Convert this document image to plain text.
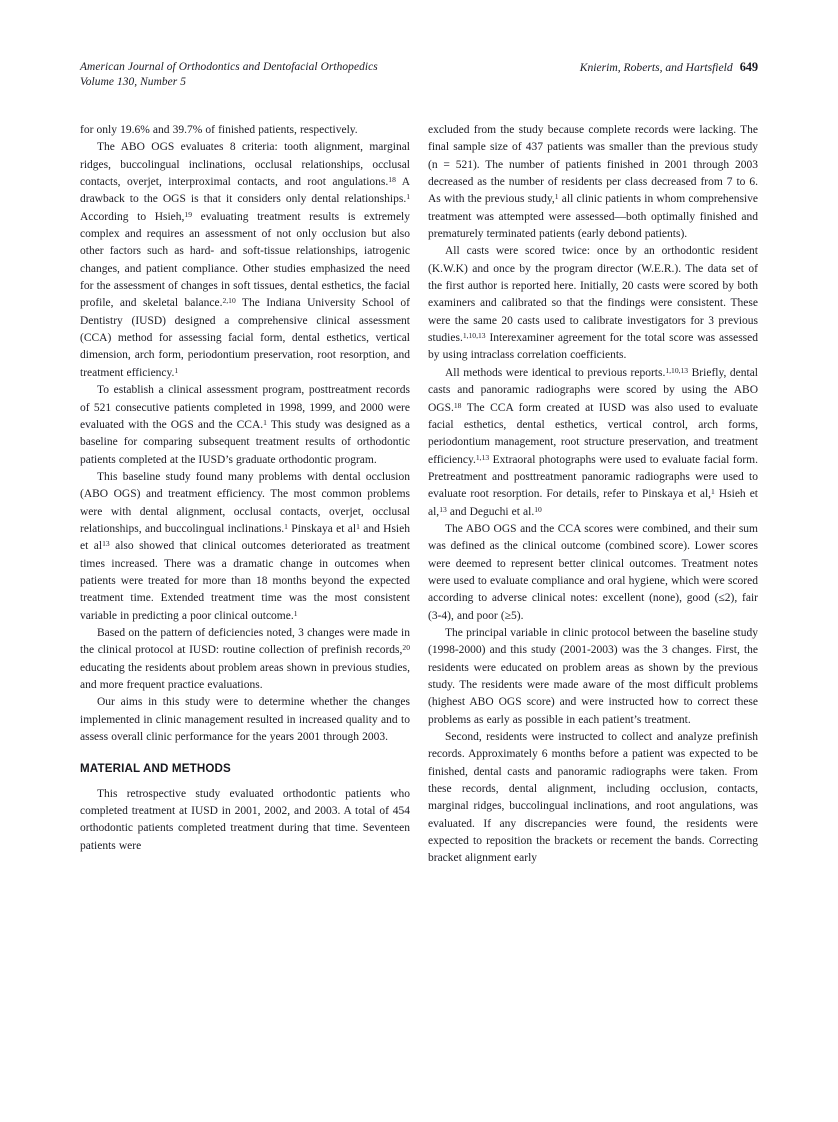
American Journal of Orthodontics and Dentofacial Orthopedics
Volume 130, Number 5
Knierim, Roberts, and Hartsfield 649

for only 19.6% and 39.7% of finished patients, respectively.

The ABO OGS evaluates 8 criteria: tooth alignment, marginal ridges, buccolingual inclinations, occlusal relationships, occlusal contacts, overjet, interproximal contacts, and root angulations.$^{18}$ A drawback to the OGS is that it considers only dental relationships.$^1$ According to Hsieh,$^{19}$ evaluating treatment results is extremely complex and requires an assessment of not only occlusion but also other factors such as hard- and soft-tissue relationships, iatrogenic changes, and patient compliance. Other studies emphasized the need for the assessment of changes in soft tissues, dental esthetics, the facial profile, and skeletal balance.$^{2,10}$ The Indiana University School of Dentistry (IUSD) designed a comprehensive clinical assessment (CCA) method for assessing facial form, dental esthetics, vertical dimension, arch form, periodontium preservation, root resorption, and treatment efficiency.$^1$

To establish a clinical assessment program, posttreatment records of 521 consecutive patients completed in 1998, 1999, and 2000 were evaluated with the OGS and the CCA.$^1$ This study was designed as a baseline for comparing subsequent treatment results of orthodontic patients completed at the IUSD’s graduate orthodontic program.

This baseline study found many problems with dental occlusion (ABO OGS) and treatment efficiency. The most common problems were with dental alignment, occlusal contacts, overjet, occlusal relationships, and buccolingual inclinations.$^1$ Pinskaya et $al^1$ and Hsieh et $al^{13}$ also showed that clinical outcomes deteriorated as treatment times increased. There was a dramatic change in outcomes when patients were treated for more than 18 months beyond the expected treatment time. Extended treatment time was the most consistent variable in predicting a poor clinical outcome.$^1$

Based on the pattern of deficiencies noted, 3 changes were made in the clinical protocol at IUSD: routine collection of prefinish records,$^{20}$ educating the residents about problem areas shown in previous studies, and more frequent practice evaluations.

Our aims in this study were to determine whether the changes implemented in clinic management resulted in increased quality and to assess overall clinic performance for the years 2001 through 2003.

MATERIAL AND METHODS

This retrospective study evaluated orthodontic patients who completed treatment at IUSD in 2001, 2002, and 2003. A total of 454 orthodontic patients completed treatment during that time. Seventeen patients were

excluded from the study because complete records were lacking. The final sample size of 437 patients was smaller than the previous study (n = 521). The number of patients finished in 2001 through 2003 decreased as the number of residents per class decreased from 7 to 6. As with the previous study,$^1$ all clinic patients in whom comprehensive treatment was attempted were assessed—both optimally finished and prematurely terminated patients (early debond patients).

All casts were scored twice: once by an orthodontic resident (K.W.K) and once by the program director (W.E.R.). The data set of the first author is reported here. Initially, 20 casts were scored by both examiners and calibrated so that the findings were consistent. These were the same 20 casts used to calibrate investigators for 3 previous studies.$^{1,10,13}$ Interexaminer agreement for the total score was assessed by using intraclass correlation coefficients.

All methods were identical to previous reports.$^{1,10,13}$ Briefly, dental casts and panoramic radiographs were scored by using the ABO OGS.$^{18}$ The CCA form created at IUSD was also used to evaluate facial esthetics, dental esthetics, vertical control, arch forms, periodontium management, root structure preservation, and treatment efficiency.$^{1,13}$ Extraoral photographs were used to evaluate facial form. Pretreatment and posttreatment panoramic radiographs were used to evaluate root resorption. For details, refer to Pinskaya et al,$^1$ Hsieh et al,$^{13}$ and Deguchi et al.$^{10}$

The ABO OGS and the CCA scores were combined, and their sum was defined as the clinical outcome (combined score). Lower scores were deemed to represent better clinical outcomes. Treatment notes were used to evaluate compliance and oral hygiene, which were scored according to adverse clinical notes: excellent (none), good (≤2), fair (3-4), and poor (≥5).

The principal variable in clinic protocol between the baseline study (1998-2000) and this study (2001-2003) was the 3 changes. First, the residents were educated on problem areas as shown by the previous study. The residents were made aware of the most difficult problems (highest ABO OGS score) and were instructed how to correct these problems as early as possible in each patient’s treatment.

Second, residents were instructed to collect and analyze prefinish records. Approximately 6 months before a patient was expected to be finished, dental casts and panoramic radiographs were taken. From these records, dental alignment, including occlusion, contacts, marginal ridges, buccolingual inclinations, and root angulations, was evaluated. If any discrepancies were found, the residents were expected to reposition the brackets or recement the bands. Correcting bracket alignment early
